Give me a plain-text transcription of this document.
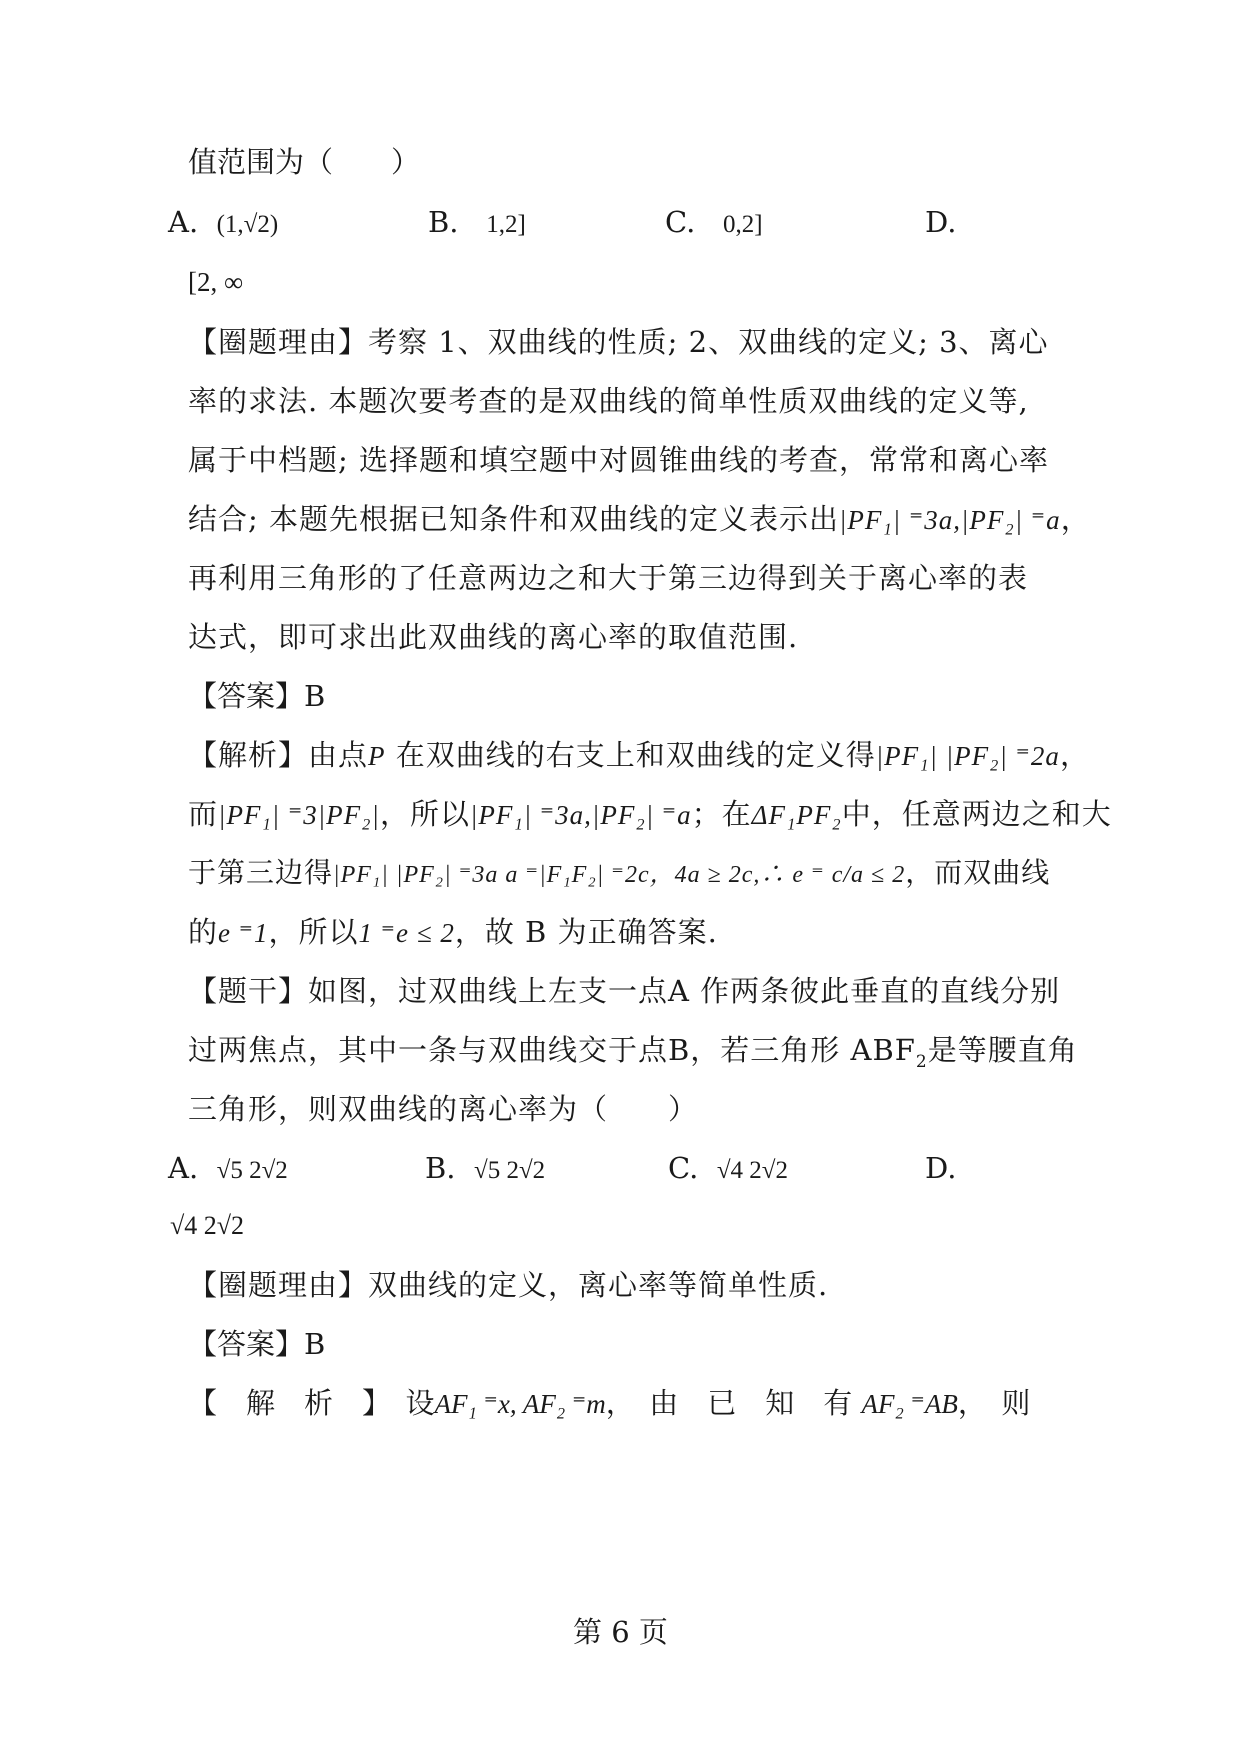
值范围为（　　）
A. (1,√2)	B. 1,2]	C. 0,2]	D.
[2, ∞
【圈题理由】考察 1、双曲线的性质; 2、双曲线的定义; 3、离心
率的求法. 本题次要考查的是双曲线的简单性质双曲线的定义等,
属于中档题; 选择题和填空题中对圆锥曲线的考查，常常和离心率
结合; 本题先根据已知条件和双曲线的定义表示出|PF₁| ⁼3a,|PF₂| ⁼a，
再利用三角形的了任意两边之和大于第三边得到关于离心率的表
达式，即可求出此双曲线的离心率的取值范围.
【答案】B
【解析】由点P 在双曲线的右支上和双曲线的定义得|PF₁| |PF₂| ⁼2a，
而|PF₁| ⁼3|PF₂|，所以|PF₁| ⁼3a,|PF₂| ⁼a；在ΔF₁PF₂中，任意两边之和大
于第三边得|PF₁| |PF₂| ⁼3a a ⁼|F₁F₂| ⁼2c，4a ≥ 2c,∴ e ⁼ c/a ≤ 2，而双曲线
的e ⁼1，所以1 ⁼e ≤ 2，故 B 为正确答案.
【题干】如图，过双曲线上左支一点A 作两条彼此垂直的直线分别
过两焦点，其中一条与双曲线交于点B，若三角形 $ABF_2$是等腰直角
三角形，则双曲线的离心率为（　　）
A. √5 2√2	B. √5 2√2	C. √4 2√2	D.
√4 2√2
【圈题理由】双曲线的定义，离心率等简单性质.
【答案】B
【　解　析　】　设AF₁ ⁼x, AF₂ ⁼m，　由　已　知　有 AF₂ ⁼AB，　则
第 6 页
